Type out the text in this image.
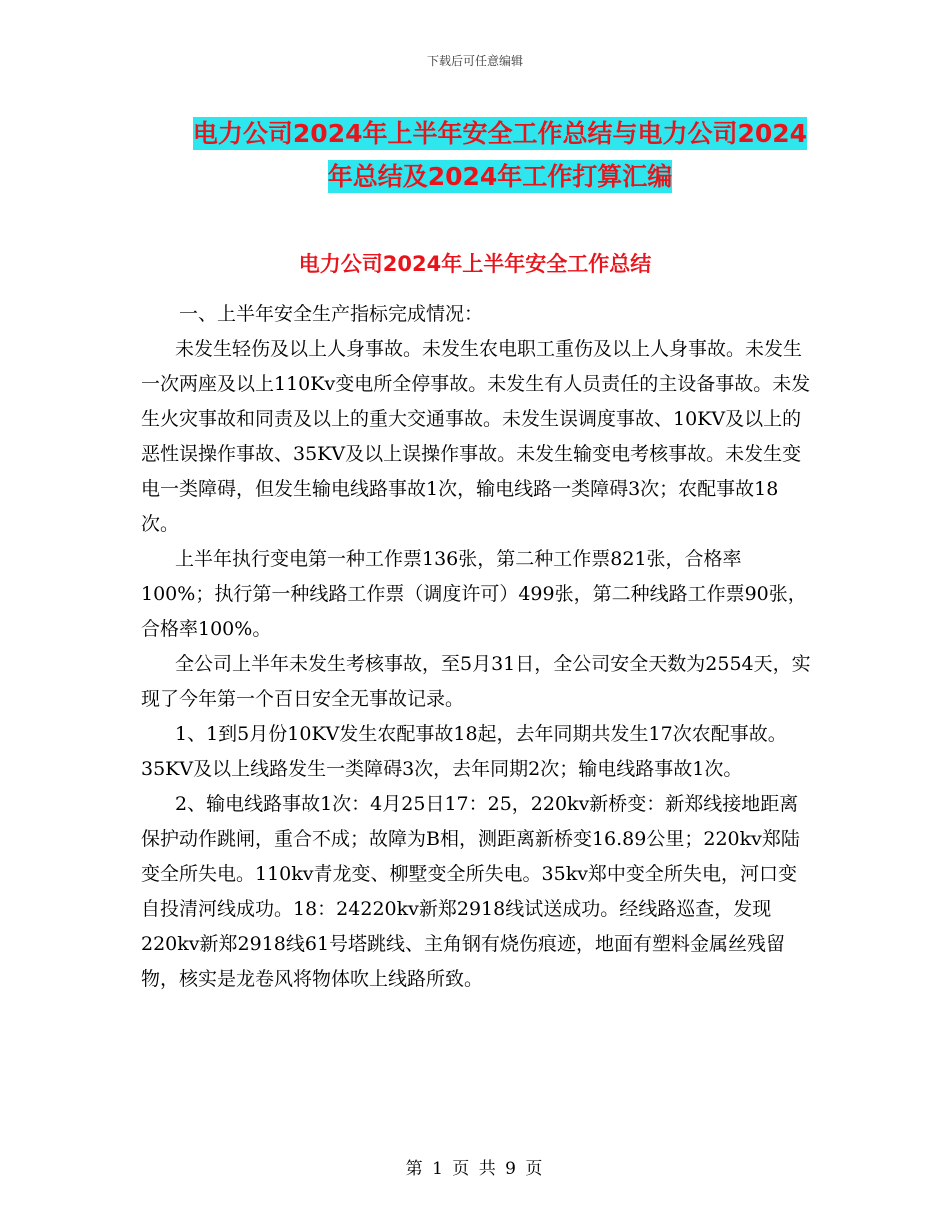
下载后可任意编辑
电力公司2024年上半年安全工作总结与电力公司2024
年总结及2024年工作打算汇编
电力公司2024年上半年安全工作总结

一、上半年安全生产指标完成情况：

未发生轻伤及以上人身事故。未发生农电职工重伤及以上人身事故。未发生一次两座及以上110Kv变电所全停事故。未发生有人员责任的主设备事故。未发生火灾事故和同责及以上的重大交通事故。未发生误调度事故、10KV及以上的恶性误操作事故、35KV及以上误操作事故。未发生输变电考核事故。未发生变电一类障碍，但发生输电线路事故1次，输电线路一类障碍3次；农配事故18次。

上半年执行变电第一种工作票136张，第二种工作票821张，合格率100%；执行第一种线路工作票（调度许可）499张，第二种线路工作票90张，合格率100%。

全公司上半年未发生考核事故，至5月31日，全公司安全天数为2554天，实现了今年第一个百日安全无事故记录。

1、1到5月份10KV发生农配事故18起，去年同期共发生17次农配事故。35KV及以上线路发生一类障碍3次，去年同期2次；输电线路事故1次。

2、输电线路事故1次：4月25日17：25，220kv新桥变：新郑线接地距离保护动作跳闸，重合不成；故障为B相，测距离新桥变16.89公里；220kv郑陆变全所失电。110kv青龙变、柳墅变全所失电。35kv郑中变全所失电，河口变自投清河线成功。18：24220kv新郑2918线试送成功。经线路巡查，发现220kv新郑2918线61号塔跳线、主角钢有烧伤痕迹，地面有塑料金属丝残留物，核实是龙卷风将物体吹上线路所致。

第 1 页 共 9 页
